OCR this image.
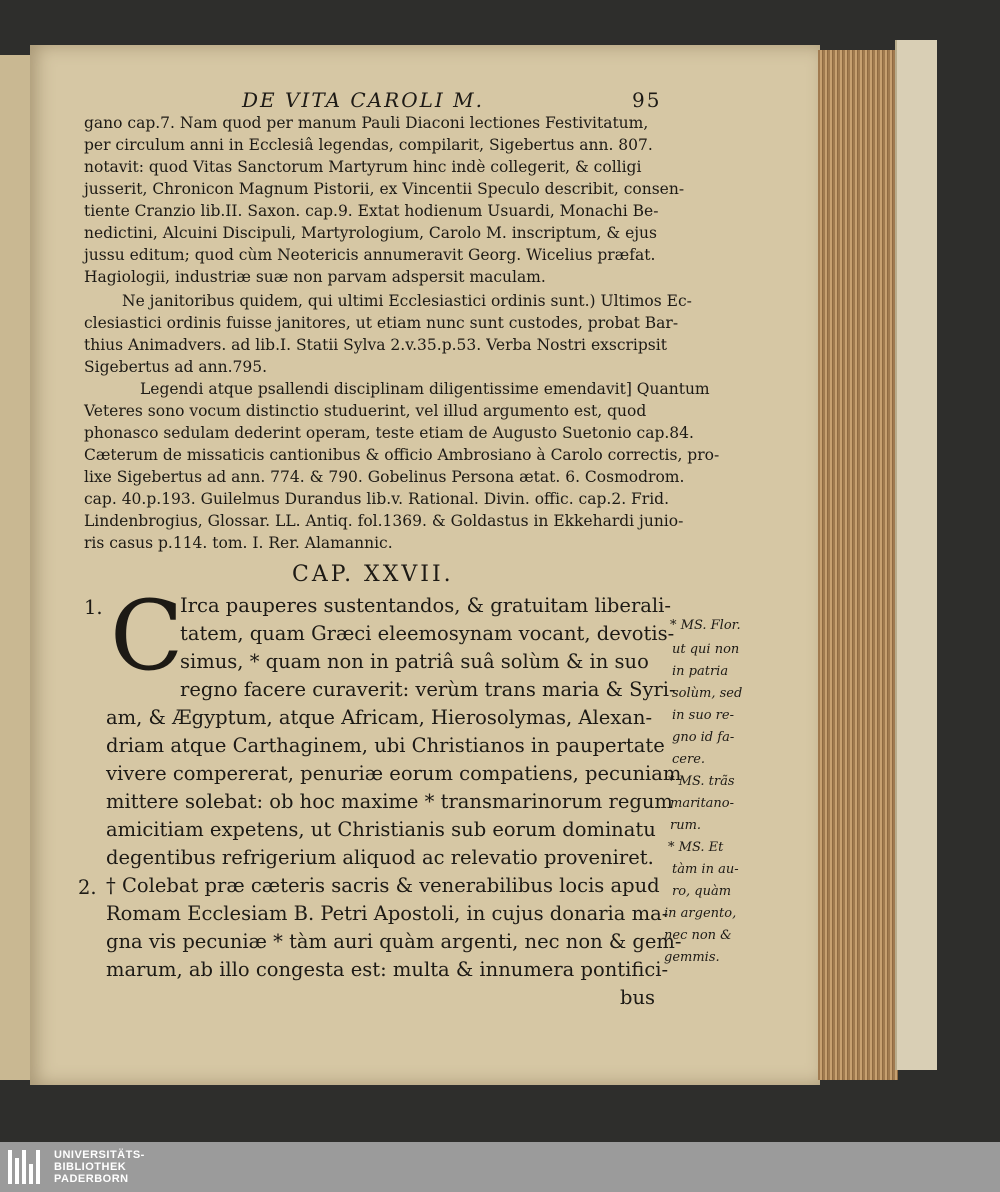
DE VITA CAROLI M.	95
gano cap.7. Nam quod per manum Pauli Diaconi lectiones Festivitatum,
per circulum anni in Ecclesiâ legendas, compilarit, Sigebertus ann. 807.
notavit: quod Vitas Sanctorum Martyrum hinc indè collegerit, & colligi
jusserit, Chronicon Magnum Pistorii, ex Vincentii Speculo describit, consen-
tiente Cranzio lib.II. Saxon. cap.9. Extat hodienum Usuardi, Monachi Be-
nedictini, Alcuini Discipuli, Martyrologium, Carolo M. inscriptum, & ejus
jussu editum; quod cùm Neotericis annumeravit Georg. Wicelius præfat.
Hagiologii, industriæ suæ non parvam adspersit maculam.
Ne janitoribus quidem, qui ultimi Ecclesiastici ordinis sunt.) Ultimos Ec-
clesiastici ordinis fuisse janitores, ut etiam nunc sunt custodes, probat Bar-
thius Animadvers. ad lib.I. Statii Sylva 2.v.35.p.53. Verba Nostri exscripsit
Sigebertus ad ann.795.
Legendi atque psallendi disciplinam diligentissime emendavit] Quantum
Veteres sono vocum distinctio studuerint, vel illud argumento est, quod
phonasco sedulam dederint operam, teste etiam de Augusto Suetonio cap.84.
Cæterum de missaticis cantionibus & officio Ambrosiano à Carolo correctis, pro-
lixe Sigebertus ad ann. 774. & 790. Gobelinus Persona ætat. 6. Cosmodrom.
cap. 40.p.193. Guilelmus Durandus lib.v. Rational. Divin. offic. cap.2. Frid.
Lindenbrogius, Glossar. LL. Antiq. fol.1369. & Goldastus in Ekkehardi junio-
ris casus p.114. tom. I. Rer. Alamannic.
CAP. XXVII.
1. C
Irca pauperes sustentandos, & gratuitam liberali-
tatem, quam Græci eleemosynam vocant, devotis-
simus, * quam non in patriâ suâ solùm & in suo
regno facere curaverit: verùm trans maria & Syri-
am, & Ægyptum, atque Africam, Hierosolymas, Alexan-
driam atque Carthaginem, ubi Christianos in paupertate
vivere compererat, penuriæ eorum compatiens, pecuniam
mittere solebat: ob hoc maxime * transmarinorum regum
amicitiam expetens, ut Christianis sub eorum dominatu
degentibus refrigerium aliquod ac relevatio proveniret.
2. † Colebat præ cæteris sacris & venerabilibus locis apud
Romam Ecclesiam B. Petri Apostoli, in cujus donaria ma-
gna vis pecuniæ * tàm auri quàm argenti, nec non & gem-
marum, ab illo congesta est: multa & innumera pontifici-
bus
* MS. Flor.
ut qui non
in patria
solùm, sed
in suo re-
gno id fa-
cere.
* MS. trãs
maritano-
rum.
* MS. Et
tàm in au-
ro, quàm
in argento,
nec non &
gemmis.
UNIVERSITÄTS-
BIBLIOTHEK
PADERBORN
